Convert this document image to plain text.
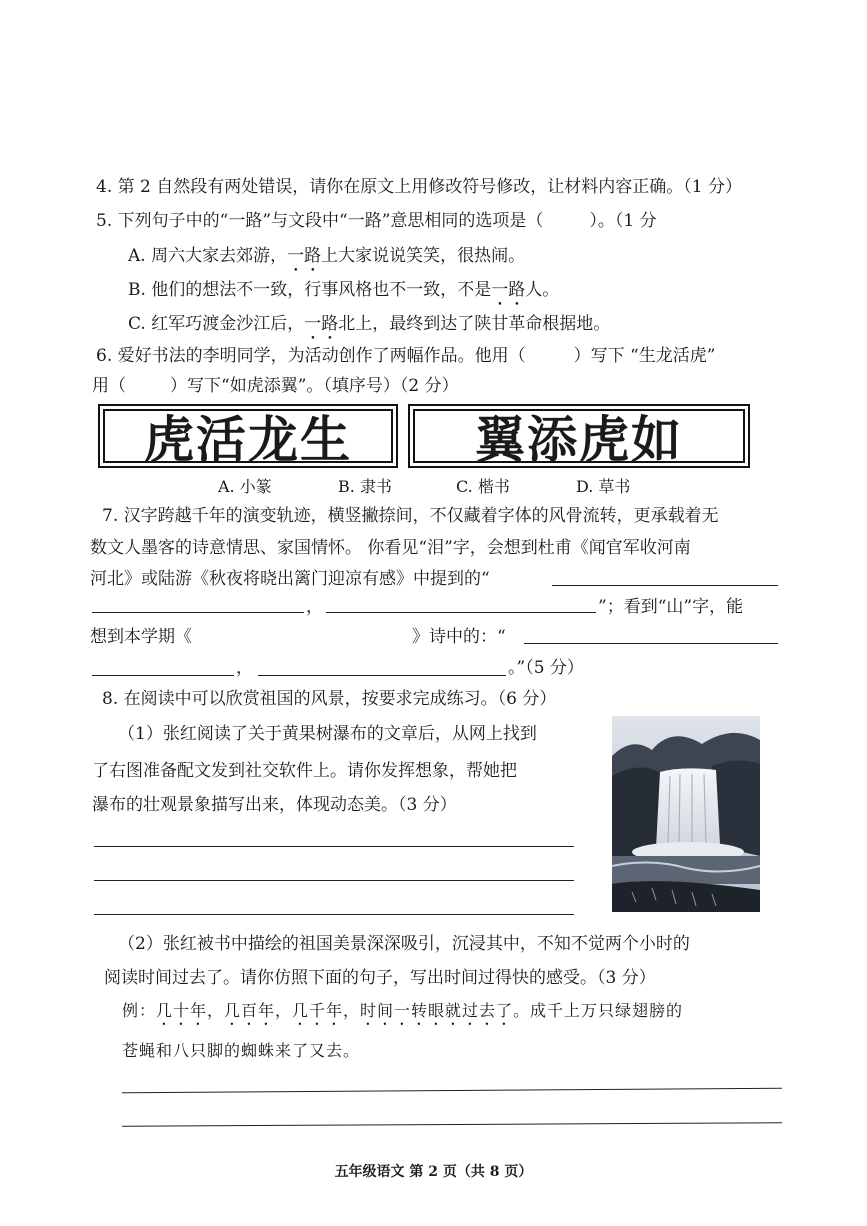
4. 第 2 自然段有两处错误，请你在原文上用修改符号修改，让材料内容正确。（1 分）
5. 下列句子中的“一路”与文段中“一路”意思相同的选项是（	）。（1 分
A. 周六大家去郊游，一路上大家说说笑笑，很热闹。
B. 他们的想法不一致，行事风格也不一致，不是一路人。
C. 红军巧渡金沙江后，一路北上，最终到达了陕甘革命根据地。
6. 爱好书法的李明同学，为活动创作了两幅作品。他用（	）写下 “生龙活虎”
用（	）写下“如虎添翼”。（填序号）（2 分）
虎活龙生	翼添虎如
A. 小篆	B. 隶书	C. 楷书	D. 草书
7. 汉字跨越千年的演变轨迹，横竖撇捺间，不仅藏着字体的风骨流转，更承载着无
数文人墨客的诗意情思、家国情怀。 你看见“泪”字，会想到杜甫《闻官军收河南
河北》或陆游《秋夜将晓出篱门迎凉有感》中提到的“
，	”；看到“山”字，能
想到本学期《	》诗中的：“
，	。”（5 分）
8. 在阅读中可以欣赏祖国的风景，按要求完成练习。（6 分）
（1）张红阅读了关于黄果树瀑布的文章后，从网上找到
了右图准备配文发到社交软件上。请你发挥想象，帮她把
瀑布的壮观景象描写出来，体现动态美。（3 分）
（2）张红被书中描绘的祖国美景深深吸引，沉浸其中，不知不觉两个小时的
阅读时间过去了。请你仿照下面的句子，写出时间过得快的感受。（3 分）
例：几十年，几百年，几千年，时间一转眼就过去了。成千上万只绿翅膀的
苍蝇和八只脚的蜘蛛来了又去。
五年级语文 第 2 页（共 8 页）
